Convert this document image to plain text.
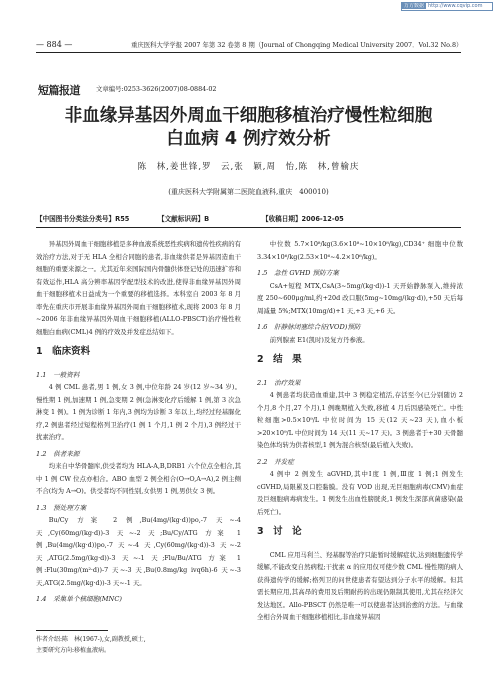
万方数据 http://www.cqvip.com
— 884 —	重庆医科大学学报 2007 年第 32 卷第 8 期（Journal of Chongqing Medical University 2007．Vol.32 No.8）
短篇报道	文章编号:0253-3626(2007)08-0884-02
非血缘异基因外周血干细胞移植治疗慢性粒细胞
白血病 4 例疗效分析
陈　林,姜世锋,罗　云,张　颖,周　怡,陈　林,曾榆庆
(重庆医科大学附属第二医院血液科,重庆　400010)
【中国图书分类法分类号】R55	【文献标识码】B	【收稿日期】2006-12-05

异基因外周血干细胞移植是多种血液系统恶性疾病和遗传性疾病的有效治疗方法,对于无 HLA 全相合同胞的患者,非血缘供者是异基因造血干细胞的重要来源之一。尤其近年来国际国内骨髓供体登记处的迅速扩容和有效运作,HLA 高分辨率基因学配型技术的改进,使得非血缘异基因外周血干细胞移植术日益成为一个重要的移植选择。本科室自 2003 年 8 月率先在重庆市开展非血缘异基因外周血干细胞移植术,现将 2003 年 8 月~2006 年非血缘异基因外周血干细胞移植(ALLO-PBSCT)治疗慢性粒细胞白血病(CML)4 例的疗效及并发症总结如下。

1　临床资料
1.1　一般资料

4 例 CML 患者,男 1 例,女 3 例,中位年龄 24 岁(12 岁~34 岁)。慢性期 1 例,加速期 1 例,急变期 2 例(急淋变化疗后缓解 1 例,第 3 次急淋变 1 例)。1 例为诊断 1 年内,3 例均为诊断 3 年以上,均经过羟基脲化疗,2 例患者经过短程格列卫治疗(1 例 1 个月,1 例 2 个月),3 例经过干扰素治疗。

1.2　供者来源

均来自中华骨髓库,供受者均为 HLA-A,B,DRB1 六个位点全相合,其中 1 例 CW 位点亦相合。ABO 血型 2 例全相合(O→O,A→A),2 例主侧不合(均为 A→O)。供受者均不同性别,女供男 1 例,男供女 3 例。

1.3　预处理方案

Bu/Cy 方案 2 例,Bu(4mg/(kg·d))po,-7 天~-4 天,Cy(60mg/(kg·d))-3 天~-2 天;Bu/Cy/ATG 方案 1 例,Bu(4mg/(kg·d))po,-7 天~-4 天,Cy(60mg/(kg·d))-3 天~-2 天,ATG(2.5mg/(kg·d))-3 天~-1 天;Flu/Bu/ATG 方案 1 例:Flu(30mg/(m²·d))-7 天~-3 天,Bu(0.8mg/kg ivq6h)-6 天~-3 天,ATG(2.5mg/(kg·d))-3 天~-1 天。

1.4　采集单个核细胞(MNC)
作者介绍:陈　林(1967-),女,副教授,硕士,
主要研究方向:移植血液病。

中位数 5.7×10⁸/kg(3.6×10⁸~10×10⁸/kg),CD34⁺ 细胞中位数 3.34×10⁶/kg(2.53×10⁶~4.2×10⁶/kg)。

1.5　急性 GVHD 预防方案

CsA+短程 MTX,CsA(3~5mg/(kg·d))-1 天开始静脉泵入,维持浓度 250~600μg/ml,约+20d 改口服(5mg~10mg/(kg·d)),+50 天后每周减量 5%;MTX(10mg/d)+1 天,+3 天,+6 天。

1.6　肝静脉闭塞综合征(VOD)预防

前列腺素 E1(凯时)及复方丹参液。

2　结　果
2.1　治疗效果

4 例患者均获造血重建,其中 3 例稳定植活,存活至今(已分别随访 2 个月,8 个月,27 个月),1 例晚期植入失败,移植 4 月后因感染死亡。中性粒细胞>0.5×10⁹/L 中位时间为 15 天(12 天~23 天),血小板>20×10⁹/L 中位时间为 14 天(11 天~17 天)。3 例患者于+30 天骨髓染色体均转为供者核型,1 例为混合核型(最后植入失败)。

2.2　并发症

4 例中 2 例发生 aGVHD,其中Ⅰ度 1 例,Ⅲ度 1 例;1 例发生 cGVHD,局限累及口腔黏膜。没有 VOD 出现,无巨细胞病毒(CMV)血症及巨细胞病毒病发生。1 例发生出血性膀胱炎,1 例发生深部真菌感染(最后死亡)。

3　讨　论

CML 应用马利兰、羟基脲等治疗只能暂时缓解症状,达到细胞遗传学缓解,不能改变自然病程;干扰素 α 的应用仅可使少数 CML 慢性期的病人获得遗传学的缓解;格列卫的问世使患者有望达到分子水平的缓解。但其需长期应用,其高昂的费用及后期耐药的出现仍限制其使用,尤其在经济欠发达地区。Allo-PBSCT 仍然是唯一可以使患者达到治愈的方法。与血缘全相合外周血干细胞移植相比,非血缘异基因
